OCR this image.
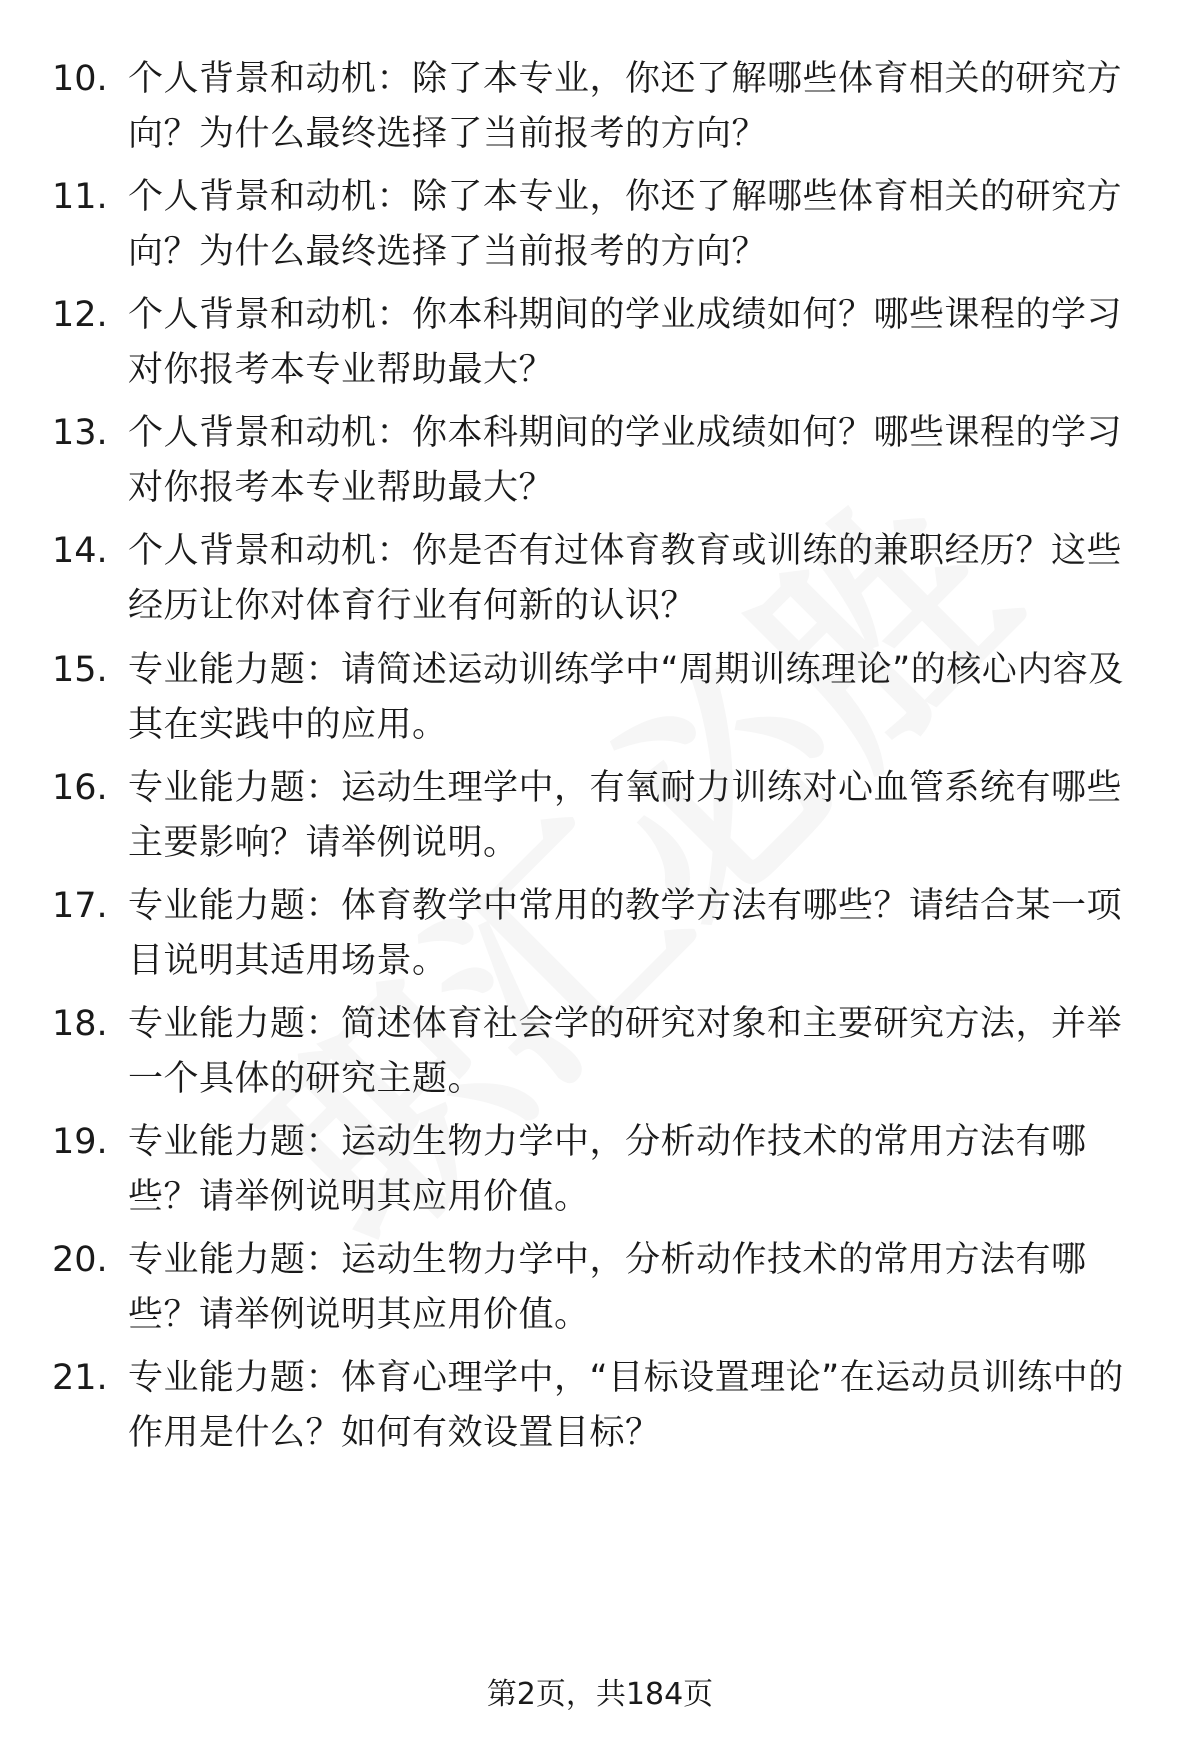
10. 个人背景和动机：除了本专业，你还了解哪些体育相关的研究方向？为什么最终选择了当前报考的方向？
11. 个人背景和动机：除了本专业，你还了解哪些体育相关的研究方向？为什么最终选择了当前报考的方向？
12. 个人背景和动机：你本科期间的学业成绩如何？哪些课程的学习对你报考本专业帮助最大？
13. 个人背景和动机：你本科期间的学业成绩如何？哪些课程的学习对你报考本专业帮助最大？
14. 个人背景和动机：你是否有过体育教育或训练的兼职经历？这些经历让你对体育行业有何新的认识？
15. 专业能力题：请简述运动训练学中“周期训练理论”的核心内容及其在实践中的应用。
16. 专业能力题：运动生理学中，有氧耐力训练对心血管系统有哪些主要影响？请举例说明。
17. 专业能力题：体育教学中常用的教学方法有哪些？请结合某一项目说明其适用场景。
18. 专业能力题：简述体育社会学的研究对象和主要研究方法，并举一个具体的研究主题。
19. 专业能力题：运动生物力学中，分析动作技术的常用方法有哪些？请举例说明其应用价值。
20. 专业能力题：运动生物力学中，分析动作技术的常用方法有哪些？请举例说明其应用价值。
21. 专业能力题：体育心理学中，“目标设置理论”在运动员训练中的作用是什么？如何有效设置目标？
第2页，共184页
